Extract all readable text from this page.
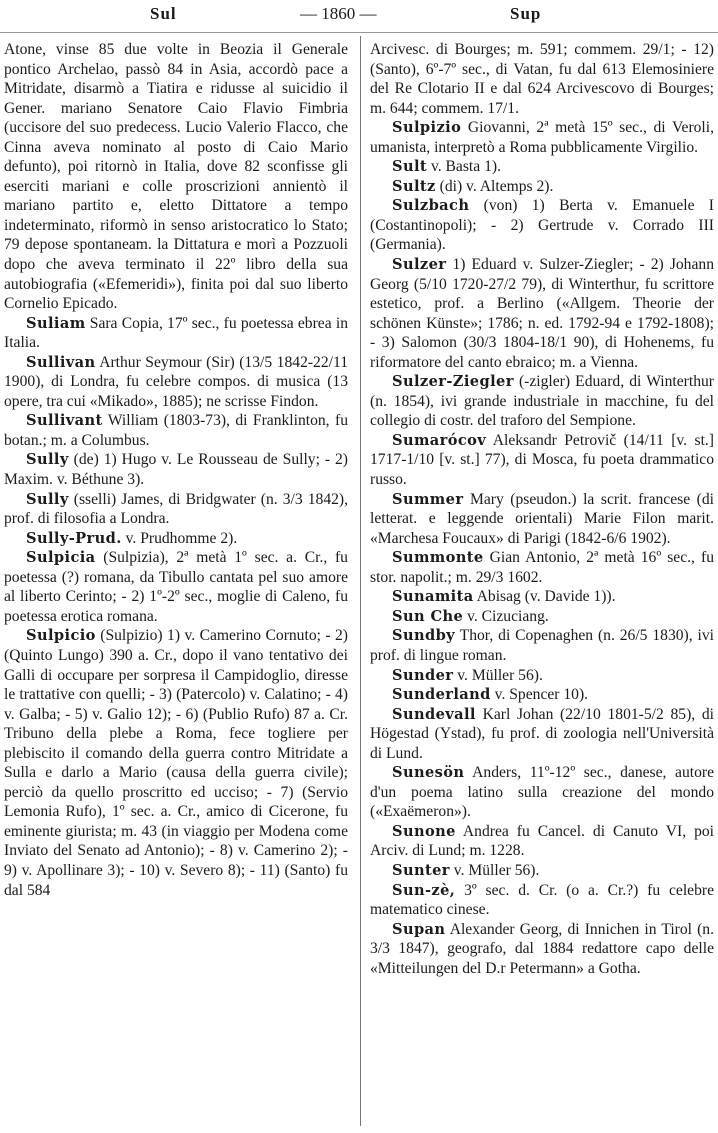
Sul	— 1860 —	Sup

Atone, vinse 85 due volte in Beozia il Generale pontico Archelao, passò 84 in Asia, accordò pace a Mitridate, disarmò a Tiatira e ridusse al suicidio il Gener. mariano Senatore Caio Flavio Fimbria (uccisore del suo predecess. Lucio Valerio Flacco, che Cinna aveva nominato al posto di Caio Mario defunto), poi ritornò in Italia, dove 82 sconfisse gli eserciti mariani e colle proscrizioni annientò il mariano partito e, eletto Dittatore a tempo indeterminato, riformò in senso aristocratico lo Stato; 79 depose spontaneam. la Dittatura e morì a Pozzuoli dopo che aveva terminato il 22º libro della sua autobiografia («Efemeridi»), finita poi dal suo liberto Cornelio Epicado.

Suliam Sara Copia, 17º sec., fu poetessa ebrea in Italia.

Sullivan Arthur Seymour (Sir) (13/5 1842-22/11 1900), di Londra, fu celebre compos. di musica (13 opere, tra cui «Mikado», 1885); ne scrisse Findon.

Sullivant William (1803-73), di Franklinton, fu botan.; m. a Columbus.

Sully (de) 1) Hugo v. Le Rousseau de Sully; - 2) Maxim. v. Béthune 3).

Sully (sselli) James, di Bridgwater (n. 3/3 1842), prof. di filosofia a Londra.

Sully-Prud. v. Prudhomme 2).

Sulpicia (Sulpizia), 2ª metà 1º sec. a. Cr., fu poetessa (?) romana, da Tibullo cantata pel suo amore al liberto Cerinto; - 2) 1º-2º sec., moglie di Caleno, fu poetessa erotica romana.

Sulpicio (Sulpizio) 1) v. Camerino Cornuto; - 2) (Quinto Lungo) 390 a. Cr., dopo il vano tentativo dei Galli di occupare per sorpresa il Campidoglio, diresse le trattative con quelli; - 3) (Patercolo) v. Calatino; - 4) v. Galba; - 5) v. Galio 12); - 6) (Publio Rufo) 87 a. Cr. Tribuno della plebe a Roma, fece togliere per plebiscito il comando della guerra contro Mitridate a Sulla e darlo a Mario (causa della guerra civile); perciò da quello proscritto ed ucciso; - 7) (Servio Lemonia Rufo), 1º sec. a. Cr., amico di Cicerone, fu eminente giurista; m. 43 (in viaggio per Modena come Inviato del Senato ad Antonio); - 8) v. Camerino 2); - 9) v. Apollinare 3); - 10) v. Severo 8); - 11) (Santo) fu dal 584

Arcivesc. di Bourges; m. 591; commem. 29/1; - 12) (Santo), 6º-7º sec., di Vatan, fu dal 613 Elemosiniere del Re Clotario II e dal 624 Arcivescovo di Bourges; m. 644; commem. 17/1.

Sulpizio Giovanni, 2ª metà 15º sec., di Veroli, umanista, interpretò a Roma pubblicamente Virgilio.

Sult v. Basta 1).

Sultz (di) v. Altemps 2).

Sulzbach (von) 1) Berta v. Emanuele I (Costantinopoli); - 2) Gertrude v. Corrado III (Germania).

Sulzer 1) Eduard v. Sulzer-Ziegler; - 2) Johann Georg (5/10 1720-27/2 79), di Winterthur, fu scrittore estetico, prof. a Berlino («Allgem. Theorie der schönen Künste»; 1786; n. ed. 1792-94 e 1792-1808); - 3) Salomon (30/3 1804-18/1 90), di Hohenems, fu riformatore del canto ebraico; m. a Vienna.

Sulzer-Ziegler (-zigler) Eduard, di Winterthur (n. 1854), ivi grande industriale in macchine, fu del collegio di costr. del traforo del Sempione.

Sumarócov Aleksandr Petrovič (14/11 [v. st.] 1717-1/10 [v. st.] 77), di Mosca, fu poeta drammatico russo.

Summer Mary (pseudon.) la scrit. francese (di letterat. e leggende orientali) Marie Filon marit. «Marchesa Foucaux» di Parigi (1842-6/6 1902).

Summonte Gian Antonio, 2ª metà 16º sec., fu stor. napolit.; m. 29/3 1602.

Sunamita Abisag (v. Davide 1)).

Sun Che v. Cizuciang.

Sundby Thor, di Copenaghen (n. 26/5 1830), ivi prof. di lingue roman.

Sunder v. Müller 56).

Sunderland v. Spencer 10).

Sundevall Karl Johan (22/10 1801-5/2 85), di Högestad (Ystad), fu prof. di zoologia nell'Università di Lund.

Sunesön Anders, 11º-12º sec., danese, autore d'un poema latino sulla creazione del mondo («Exaëmeron»).

Sunone Andrea fu Cancel. di Canuto VI, poi Arciv. di Lund; m. 1228.

Sunter v. Müller 56).

Sun-zè, 3º sec. d. Cr. (o a. Cr.?) fu celebre matematico cinese.

Supan Alexander Georg, di Innichen in Tirol (n. 3/3 1847), geografo, dal 1884 redattore capo delle «Mitteilungen del D.r Petermann» a Gotha.
